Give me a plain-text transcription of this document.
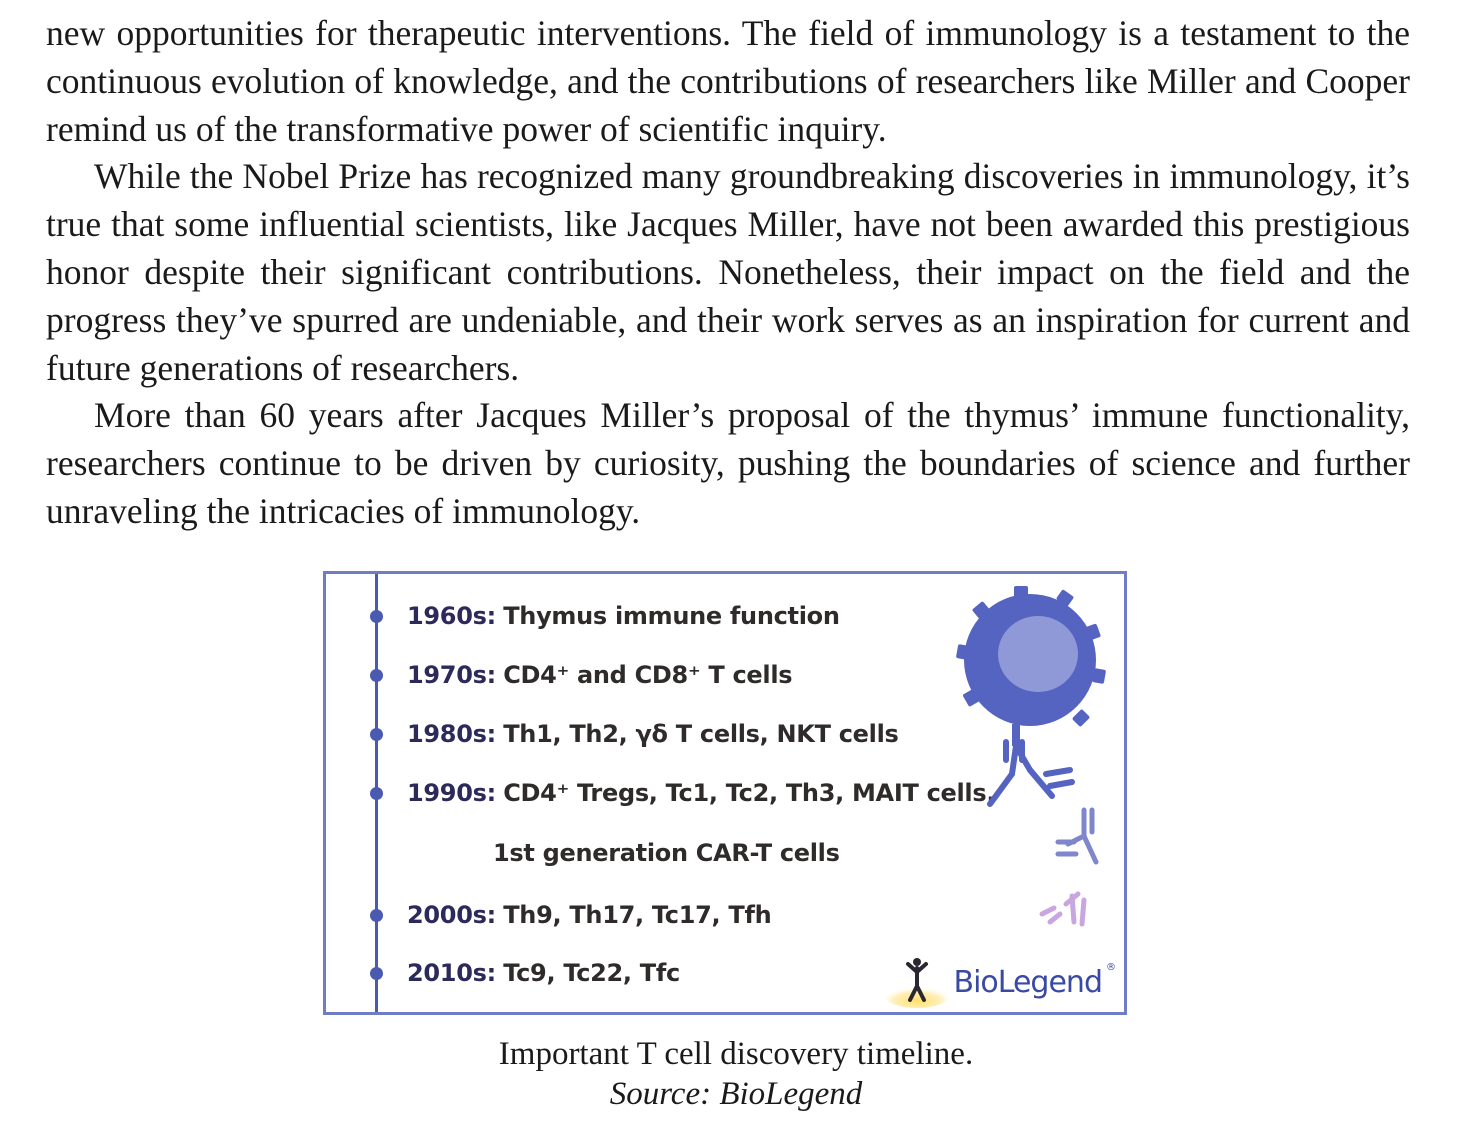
new opportunities for therapeutic interventions. The field of immunology is a testament to the continuous evolution of knowledge, and the contributions of researchers like Miller and Cooper remind us of the transformative power of scientific inquiry.

While the Nobel Prize has recognized many groundbreaking discoveries in immunology, it’s true that some influential scientists, like Jacques Miller, have not been awarded this prestigious honor despite their significant contributions. Nonetheless, their impact on the field and the progress they’ve spurred are undeniable, and their work serves as an inspiration for current and future generations of researchers.

More than 60 years after Jacques Miller’s proposal of the thymus’ immune functionality, researchers continue to be driven by curiosity, pushing the boundaries of science and further unraveling the intricacies of immunology.

1960s: Thymus immune function
1970s: CD4⁺ and CD8⁺ T cells
1980s: Th1, Th2, γδ T cells, NKT cells
1990s: CD4⁺ Tregs, Tc1, Tc2, Th3, MAIT cells,
1st generation CAR-T cells
2000s: Th9, Th17, Tc17, Tfh
2010s: Tc9, Tc22, Tfc	BioLegend ®
Important T cell discovery timeline.
Source: BioLegend
